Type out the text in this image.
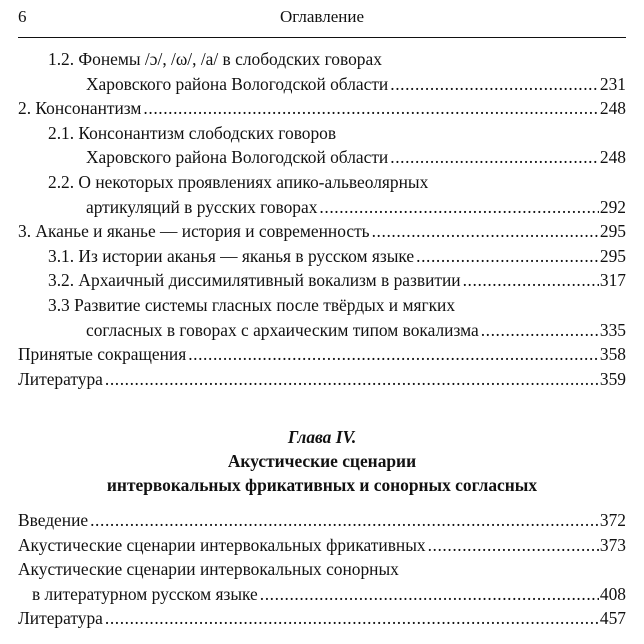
6	Оглавление
1.2. Фонемы /ɔ/, /ω/, /a/ в слободских говорах
Харовского района Вологодской области .....	231
2. Консонантизм .....	248
2.1. Консонантизм слободских говоров
Харовского района Вологодской области .....	248
2.2. О некоторых проявлениях апико-альвеолярных
артикуляций в русских говорах .....	292
3. Аканье и яканье — история и современность .....	295
3.1. Из истории аканья — яканья в русском языке .....	295
3.2. Архаичный диссимилятивный вокализм в развитии .....	317
3.3 Развитие системы гласных после твёрдых и мягких
согласных в говорах с архаическим типом вокализма .....	335
Принятые сокращения .....	358
Литература .....	359
Глава IV.
Акустические сценарии
интервокальных фрикативных и сонорных согласных
Введение .....	372
Акустические сценарии интервокальных фрикативных .....	373
Акустические сценарии интервокальных сонорных
в литературном русском языке .....	408
Литература .....	457
